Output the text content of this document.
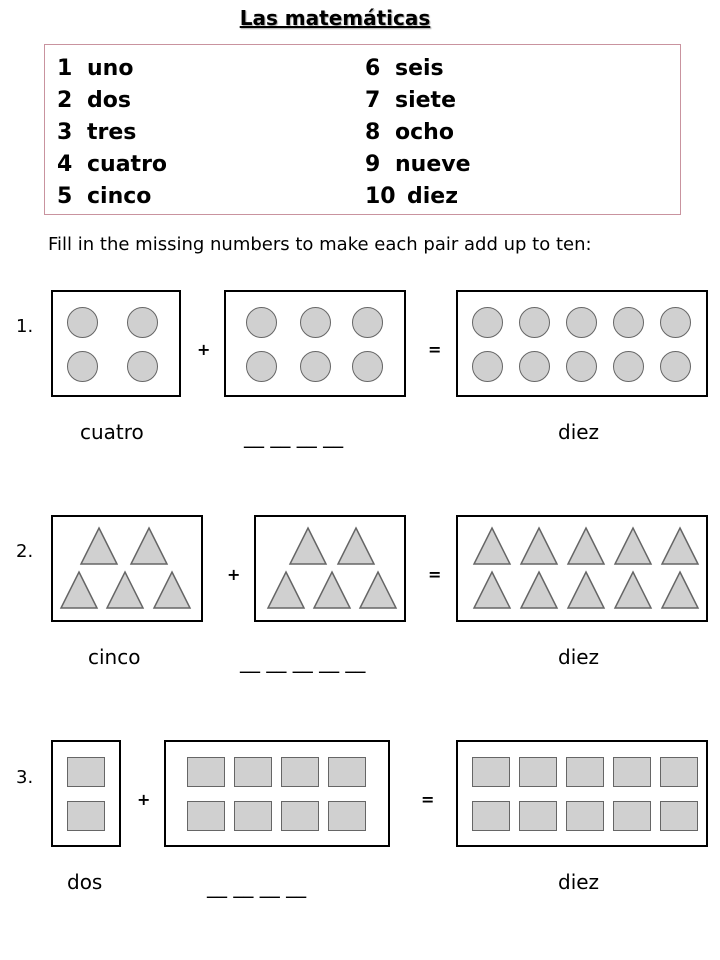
Las matemáticas
1 uno
2 dos
3 tres
4 cuatro
5 cinco
6 seis
7 siete
8 ocho
9 nueve
10 diez
Fill in the missing numbers to make each pair add up to ten:
1.
+	=
cuatro	__ __ __ __	diez
2.
+	=
cinco	__ __ __ __ __	diez
3.
+	=
dos	__ __ __ __	diez
